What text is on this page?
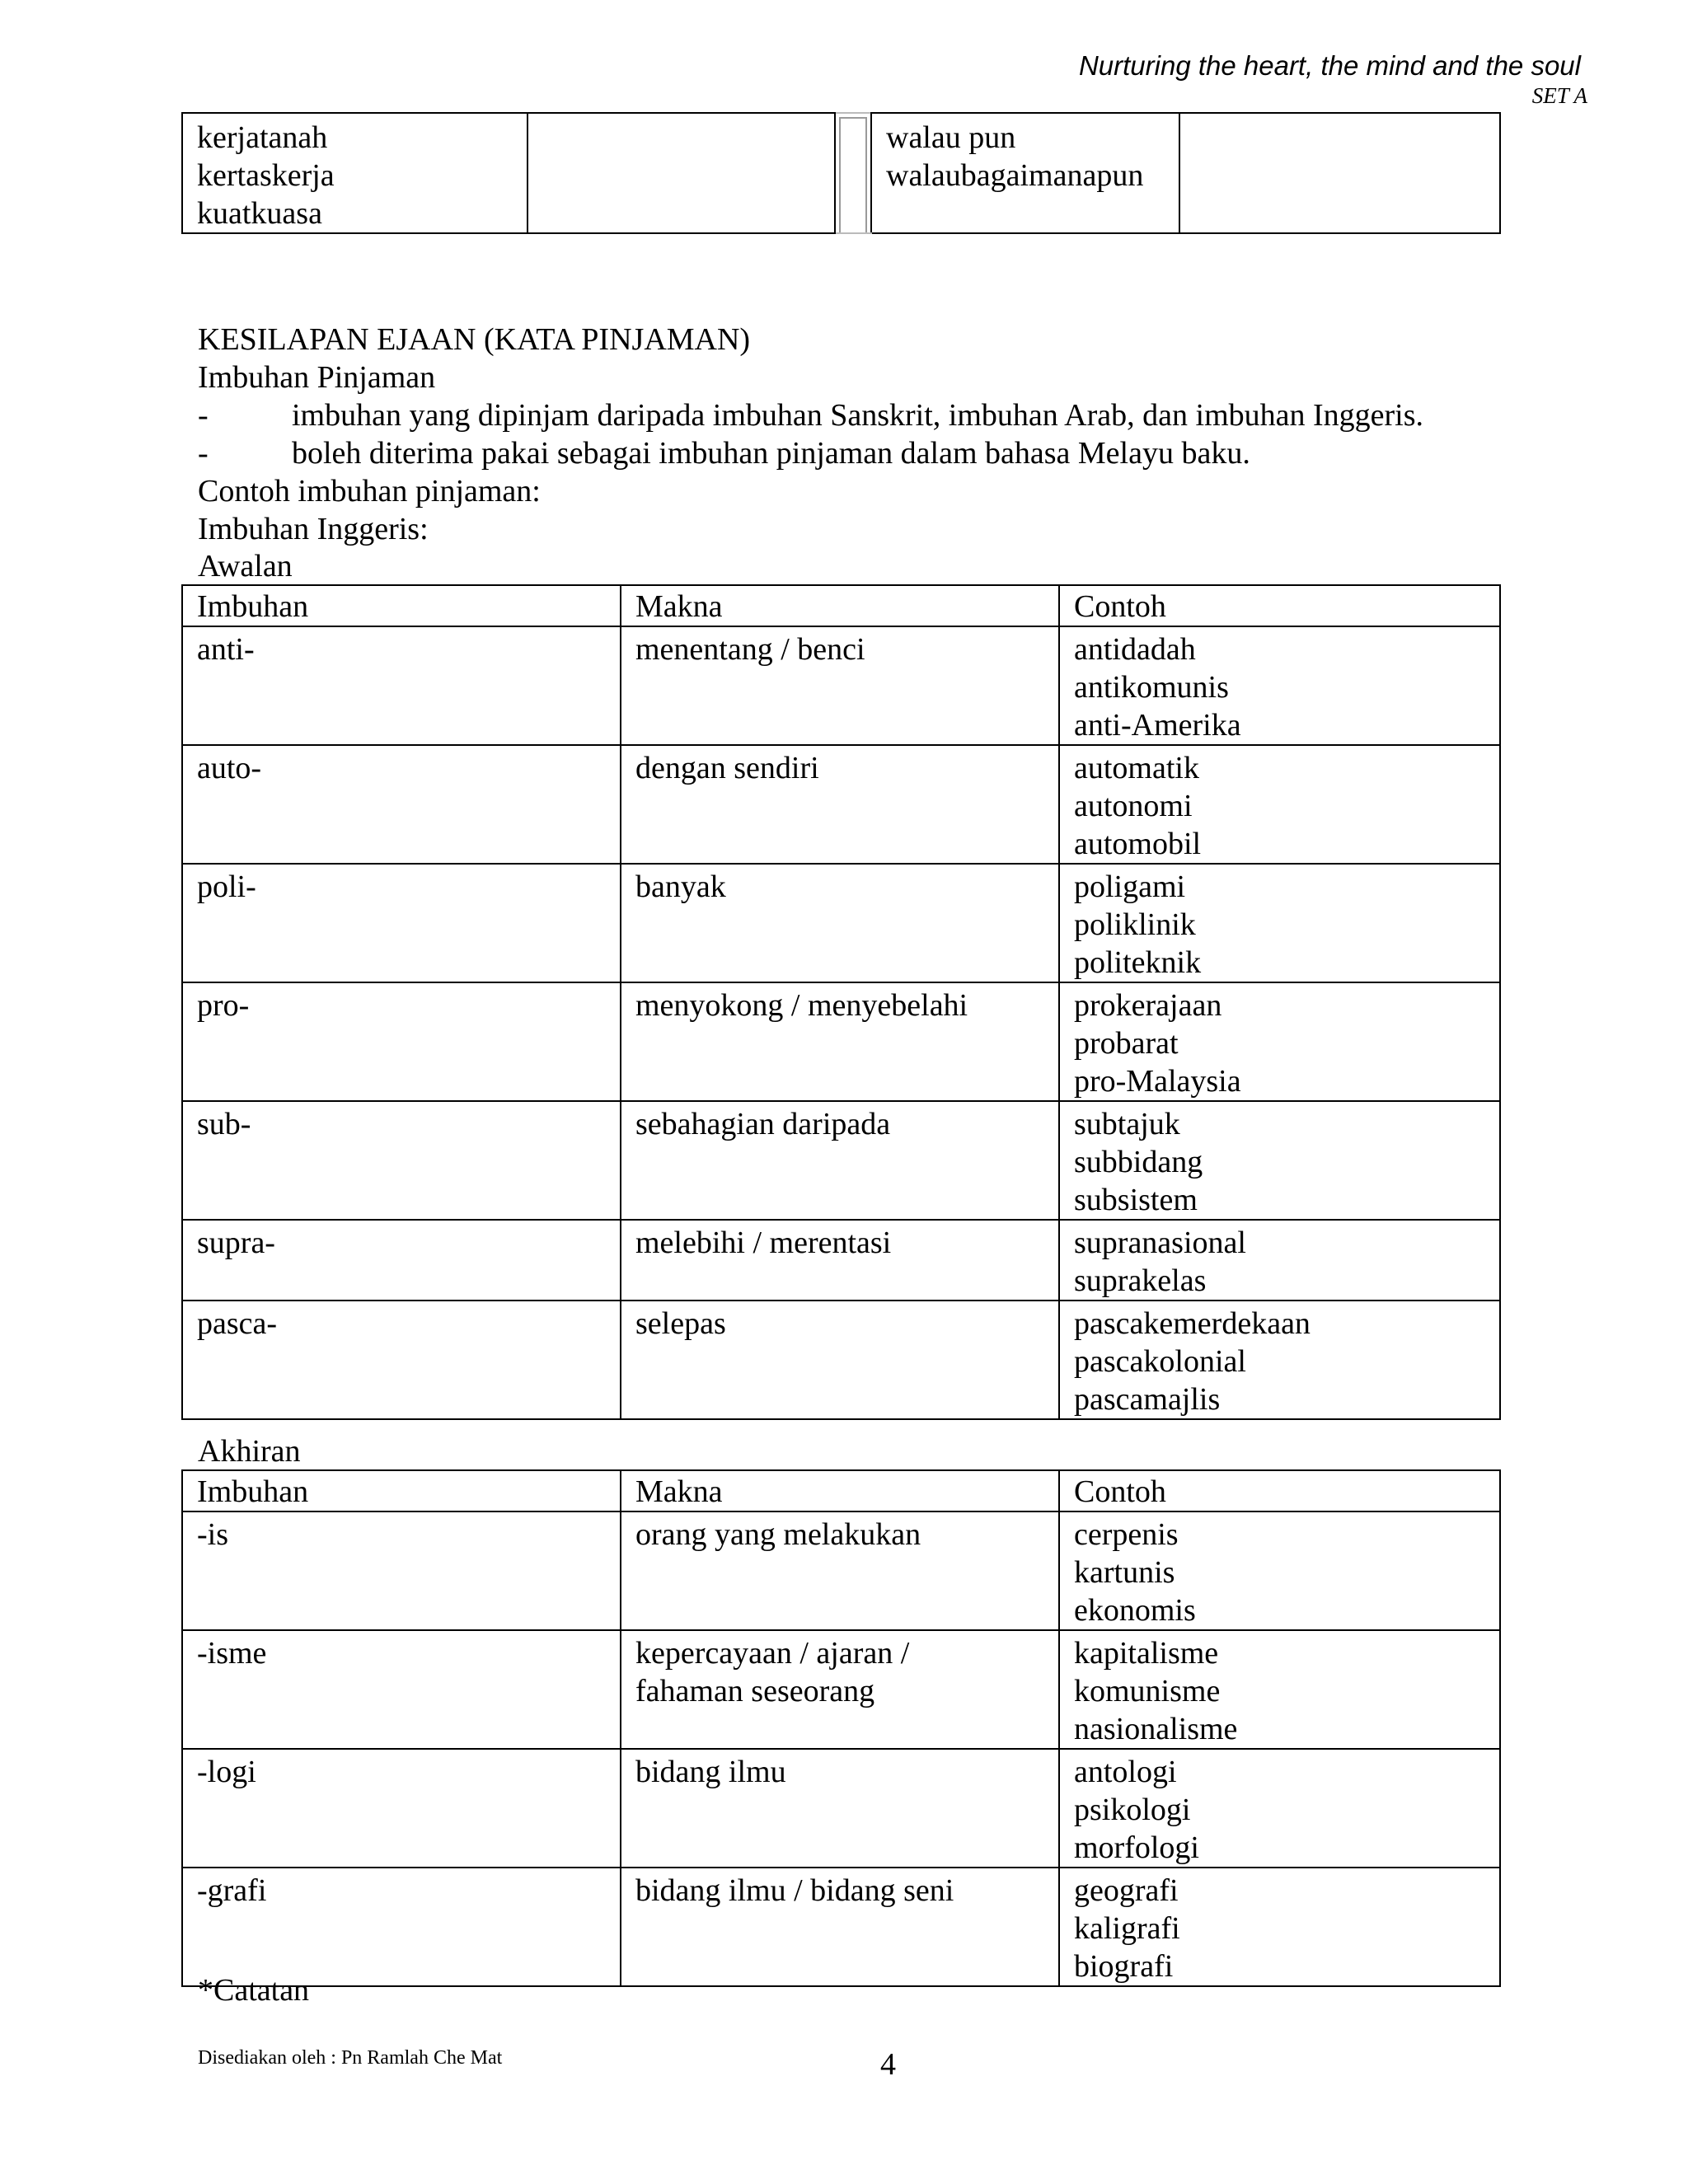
Nurturing the heart, the mind and the soul
SET A
kerjatanah
kertaskerja
kuatkuasa

walau pun
walaubagaimanapun

KESILAPAN EJAAN (KATA PINJAMAN)
Imbuhan Pinjaman
-	imbuhan yang dipinjam daripada imbuhan Sanskrit, imbuhan Arab, dan imbuhan Inggeris.
-	boleh diterima pakai sebagai imbuhan pinjaman dalam bahasa Melayu baku.
Contoh imbuhan pinjaman:
Imbuhan Inggeris:
Awalan
Imbuhan	Makna	Contoh
anti-	menentang / benci	antidadah
antikomunis
anti-Amerika

auto-	dengan sendiri	automatik
autonomi
automobil

poli-	banyak	poligami
poliklinik
politeknik

pro-	menyokong / menyebelahi	prokerajaan
probarat
pro-Malaysia

sub-	sebahagian daripada	subtajuk
subbidang
subsistem

supra-	melebihi / merentasi	supranasional
suprakelas

pasca-	selepas	pascakemerdekaan
pascakolonial
pascamajlis
Akhiran
Imbuhan	Makna	Contoh
-is	orang yang melakukan	cerpenis
kartunis
ekonomis

-isme	kepercayaan / ajaran /
fahaman seseorang	kapitalisme
komunisme
nasionalisme

-logi	bidang ilmu	antologi
psikologi
morfologi

-grafi	bidang ilmu / bidang seni	geografi
kaligrafi
biografi
*Catatan
Disediakan oleh : Pn Ramlah Che Mat	4
